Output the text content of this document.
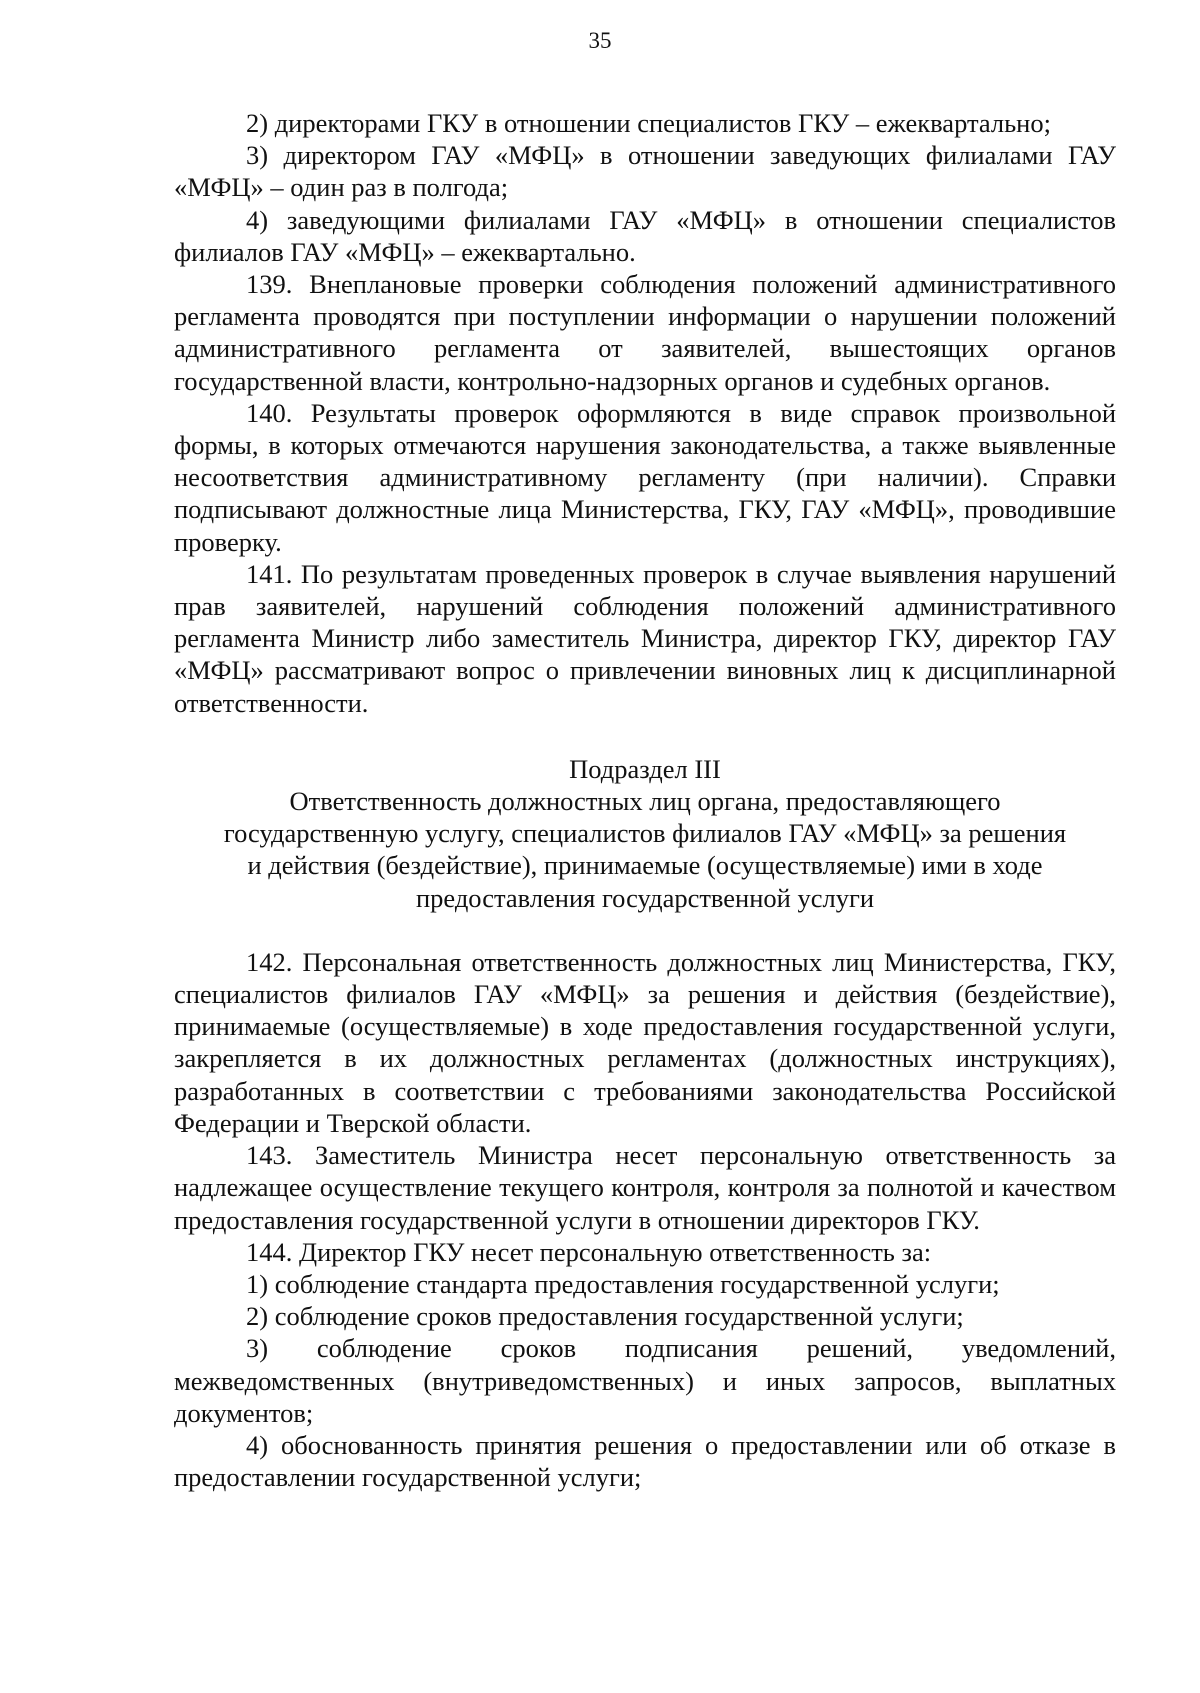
35

2) директорами ГКУ в отношении специалистов ГКУ – ежеквартально;

3) директором ГАУ «МФЦ» в отношении заведующих филиалами ГАУ «МФЦ» – один раз в полгода;

4) заведующими филиалами ГАУ «МФЦ» в отношении специалистов филиалов ГАУ «МФЦ» – ежеквартально.

139. Внеплановые проверки соблюдения положений административного регламента проводятся при поступлении информации о нарушении положений административного регламента от заявителей, вышестоящих органов государственной власти, контрольно-надзорных органов и судебных органов.

140. Результаты проверок оформляются в виде справок произвольной формы, в которых отмечаются нарушения законодательства, а также выявленные несоответствия административному регламенту (при наличии). Справки подписывают должностные лица Министерства, ГКУ, ГАУ «МФЦ», проводившие проверку.

141. По результатам проведенных проверок в случае выявления нарушений прав заявителей, нарушений соблюдения положений административного регламента Министр либо заместитель Министра, директор ГКУ, директор ГАУ «МФЦ» рассматривают вопрос о привлечении виновных лиц к дисциплинарной ответственности.

Подраздел III
Ответственность должностных лиц органа, предоставляющего
государственную услугу, специалистов филиалов ГАУ «МФЦ» за решения
и действия (бездействие), принимаемые (осуществляемые) ими в ходе
предоставления государственной услуги

142. Персональная ответственность должностных лиц Министерства, ГКУ, специалистов филиалов ГАУ «МФЦ» за решения и действия (бездействие), принимаемые (осуществляемые) в ходе предоставления государственной услуги, закрепляется в их должностных регламентах (должностных инструкциях), разработанных в соответствии с требованиями законодательства Российской Федерации и Тверской области.

143. Заместитель Министра несет персональную ответственность за надлежащее осуществление текущего контроля, контроля за полнотой и качеством предоставления государственной услуги в отношении директоров ГКУ.

144. Директор ГКУ несет персональную ответственность за:

1) соблюдение стандарта предоставления государственной услуги;

2) соблюдение сроков предоставления государственной услуги;

3) соблюдение сроков подписания решений, уведомлений, межведомственных (внутриведомственных) и иных запросов, выплатных документов;

4) обоснованность принятия решения о предоставлении или об отказе в предоставлении государственной услуги;
